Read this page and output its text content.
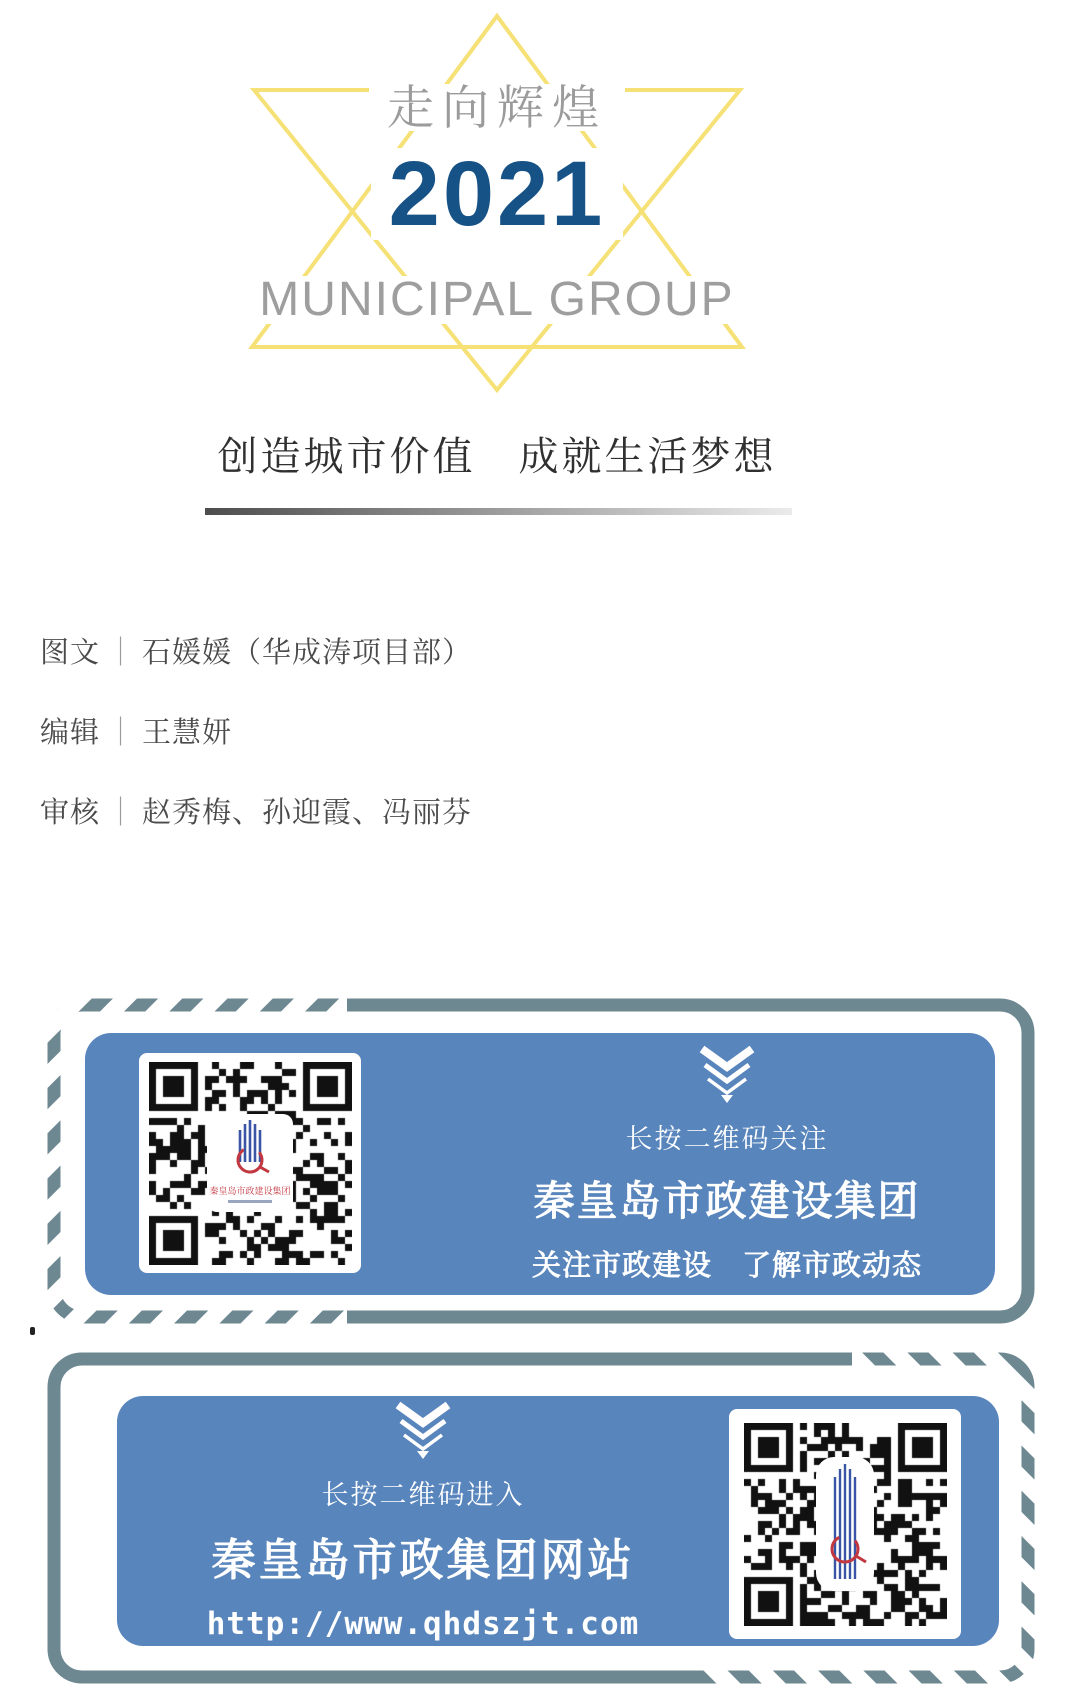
走向辉煌
2021
MUNICIPAL GROUP
创造城市价值　成就生活梦想
图文 ｜ 石媛媛（华成涛项目部）
编辑 ｜ 王慧妍
审核 ｜ 赵秀梅、孙迎霞、冯丽芬
秦皇岛市政建设集团
长按二维码关注
秦皇岛市政建设集团
关注市政建设　了解市政动态
长按二维码进入
秦皇岛市政集团网站
http://www.qhdszjt.com
